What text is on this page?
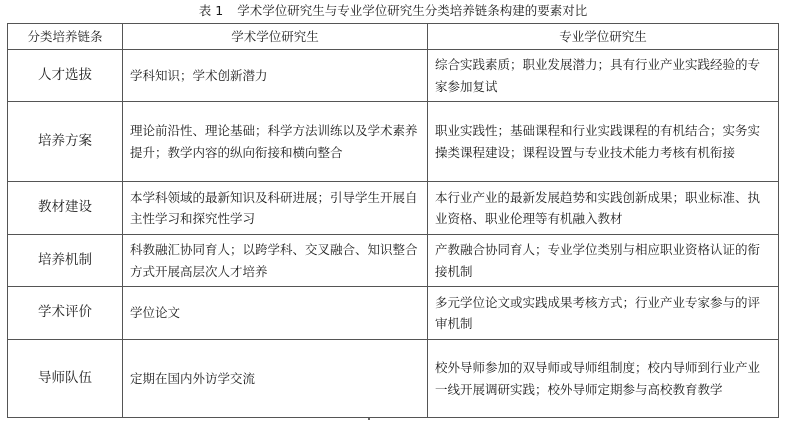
表 1 学术学位研究生与专业学位研究生分类培养链条构建的要素对比
分类培养链条	学术学位研究生	专业学位研究生
人才选拔	学科知识；学术创新潜力	综合实践素质；职业发展潜力；具有行业产业实践经验的专家参加复试
培养方案	理论前沿性、理论基础；科学方法训练以及学术素养提升；教学内容的纵向衔接和横向整合	职业实践性；基础课程和行业实践课程的有机结合；实务实操类课程建设；课程设置与专业技术能力考核有机衔接
教材建设	本学科领域的最新知识及科研进展；引导学生开展自主性学习和探究性学习	本行业产业的最新发展趋势和实践创新成果；职业标准、执业资格、职业伦理等有机融入教材
培养机制	科教融汇协同育人；以跨学科、交叉融合、知识整合方式开展高层次人才培养	产教融合协同育人；专业学位类别与相应职业资格认证的衔接机制
学术评价	学位论文	多元学位论文或实践成果考核方式；行业产业专家参与的评审机制
导师队伍	定期在国内外访学交流	校外导师参加的双导师或导师组制度；校内导师到行业产业一线开展调研实践；校外导师定期参与高校教育教学
